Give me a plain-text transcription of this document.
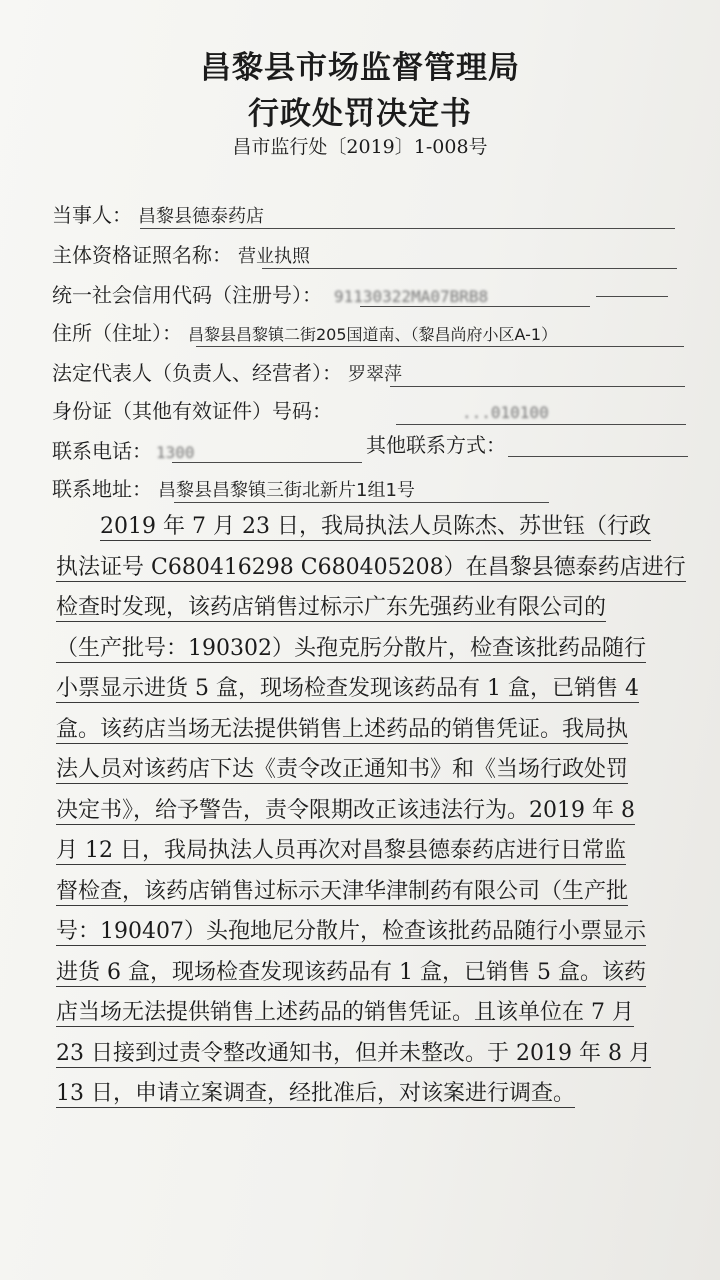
昌黎县市场监督管理局
行政处罚决定书
昌市监行处〔2019〕1-008号
当事人： 昌黎县德泰药店
主体资格证照名称： 营业执照
统一社会信用代码（注册号）： 91130322MA07BRB8
住所（住址）： 昌黎县昌黎镇二街205国道南、（黎昌尚府小区A-1）
法定代表人（负责人、经营者）： 罗翠萍
身份证（其他有效证件）号码：	...010100
联系电话： 1300	其他联系方式：
联系地址： 昌黎县昌黎镇三街北新片1组1号
2019 年 7 月 23 日，我局执法人员陈杰、苏世钰（行政
执法证号 C680416298 C680405208）在昌黎县德泰药店进行
检查时发现，该药店销售过标示广东先强药业有限公司的
（生产批号：190302）头孢克肟分散片，检查该批药品随行
小票显示进货 5 盒，现场检查发现该药品有 1 盒，已销售 4
盒。该药店当场无法提供销售上述药品的销售凭证。我局执
法人员对该药店下达《责令改正通知书》和《当场行政处罚
决定书》，给予警告，责令限期改正该违法行为。2019 年 8
月 12 日，我局执法人员再次对昌黎县德泰药店进行日常监
督检查，该药店销售过标示天津华津制药有限公司（生产批
号：190407）头孢地尼分散片，检查该批药品随行小票显示
进货 6 盒，现场检查发现该药品有 1 盒，已销售 5 盒。该药
店当场无法提供销售上述药品的销售凭证。且该单位在 7 月
23 日接到过责令整改通知书，但并未整改。于 2019 年 8 月
13 日，申请立案调查，经批准后，对该案进行调查。
